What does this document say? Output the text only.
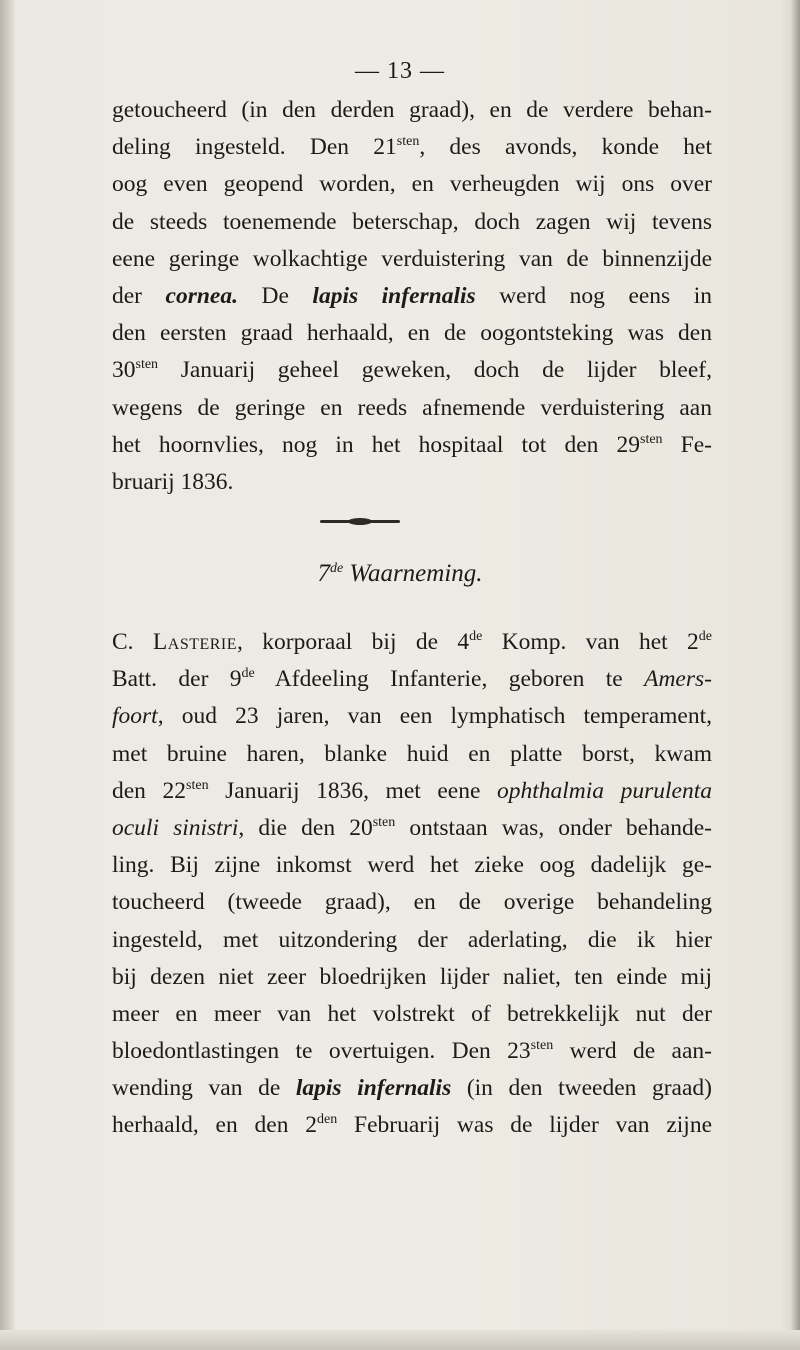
— 13 —
getoucheerd (in den derden graad), en de verdere behan-
deling ingesteld. Den $21^{sten}$, des avonds, konde het
oog even geopend worden, en verheugden wij ons over
de steeds toenemende beterschap, doch zagen wij tevens
eene geringe wolkachtige verduistering van de binnenzijde
der cornea. De lapis infernalis werd nog eens in
den eersten graad herhaald, en de oogontsteking was den
$30^{sten}$ Januarij geheel geweken, doch de lijder bleef,
wegens de geringe en reeds afnemende verduistering aan
het hoornvlies, nog in het hospitaal tot den $29^{sten}$ Fe-
bruarij 1836.
7de Waarneming.
C. Lasterie, korporaal bij de 4de Komp. van het 2de
Batt. der 9de Afdeeling Infanterie, geboren te Amers-
foort, oud 23 jaren, van een lymphatisch temperament,
met bruine haren, blanke huid en platte borst, kwam
den $22^{sten}$ Januarij 1836, met eene ophthalmia purulenta
oculi sinistri, die den $20^{sten}$ ontstaan was, onder behande-
ling. Bij zijne inkomst werd het zieke oog dadelijk ge-
toucheerd (tweede graad), en de overige behandeling
ingesteld, met uitzondering der aderlating, die ik hier
bij dezen niet zeer bloedrijken lijder naliet, ten einde mij
meer en meer van het volstrekt of betrekkelijk nut der
bloedontlastingen te overtuigen. Den $23^{sten}$ werd de aan-
wending van de lapis infernalis (in den tweeden graad)
herhaald, en den $2^{den}$ Februarij was de lijder van zijne
